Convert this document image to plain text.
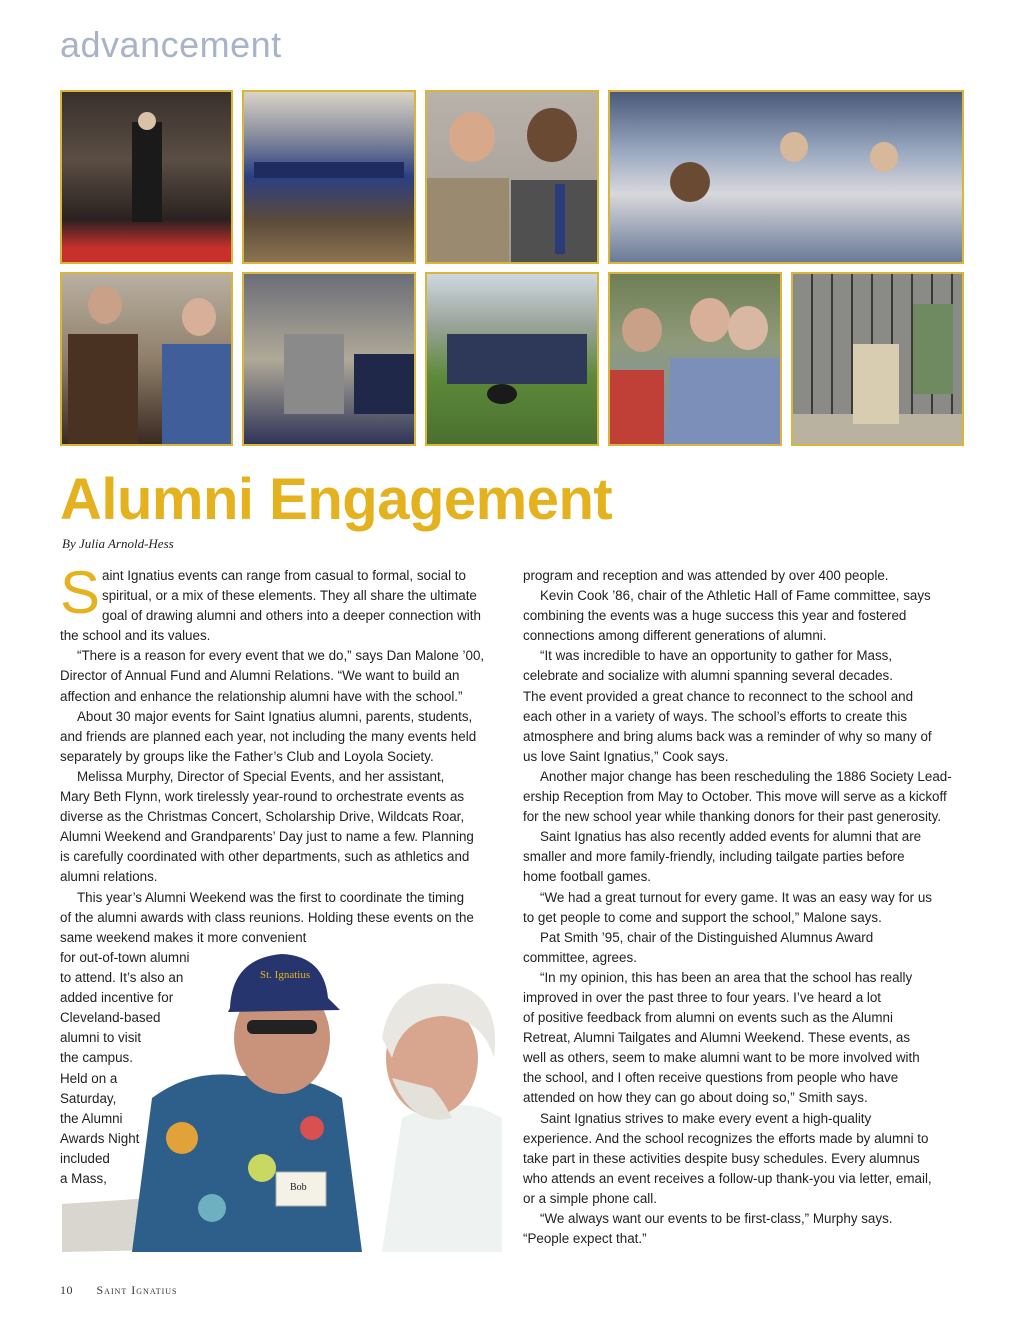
advancement
Alumni Engagement
By Julia Arnold-Hess
S aint Ignatius events can range from casual to formal, social to
spiritual, or a mix of these elements. They all share the ultimate
goal of drawing alumni and others into a deeper connection with
the school and its values.
“There is a reason for every event that we do,” says Dan Malone ’00,
Director of Annual Fund and Alumni Relations. “We want to build an
affection and enhance the relationship alumni have with the school.”
About 30 major events for Saint Ignatius alumni, parents, students,
and friends are planned each year, not including the many events held
separately by groups like the Father’s Club and Loyola Society.
Melissa Murphy, Director of Special Events, and her assistant,
Mary Beth Flynn, work tirelessly year-round to orchestrate events as
diverse as the Christmas Concert, Scholarship Drive, Wildcats Roar,
Alumni Weekend and Grandparents’ Day just to name a few. Planning
is carefully coordinated with other departments, such as athletics and
alumni relations.
This year’s Alumni Weekend was the first to coordinate the timing
of the alumni awards with class reunions. Holding these events on the
same weekend makes it more convenient
St. Ignatius
Bob
for out-of-town alumni
to attend. It’s also an
added incentive for
Cleveland-based
alumni to visit
the campus.
Held on a
Saturday,
the Alumni
Awards Night
included
a Mass,
program and reception and was attended by over 400 people.
Kevin Cook ’86, chair of the Athletic Hall of Fame committee, says
combining the events was a huge success this year and fostered
connections among different generations of alumni.
“It was incredible to have an opportunity to gather for Mass,
celebrate and socialize with alumni spanning several decades.
The event provided a great chance to reconnect to the school and
each other in a variety of ways. The school’s efforts to create this
atmosphere and bring alums back was a reminder of why so many of
us love Saint Ignatius,” Cook says.
Another major change has been rescheduling the 1886 Society Lead-
ership Reception from May to October. This move will serve as a kickoff
for the new school year while thanking donors for their past generosity.
Saint Ignatius has also recently added events for alumni that are
smaller and more family-friendly, including tailgate parties before
home football games.
“We had a great turnout for every game. It was an easy way for us
to get people to come and support the school,” Malone says.
Pat Smith ’95, chair of the Distinguished Alumnus Award
committee, agrees.
“In my opinion, this has been an area that the school has really
improved in over the past three to four years. I’ve heard a lot
of positive feedback from alumni on events such as the Alumni
Retreat, Alumni Tailgates and Alumni Weekend. These events, as
well as others, seem to make alumni want to be more involved with
the school, and I often receive questions from people who have
attended on how they can go about doing so,” Smith says.
Saint Ignatius strives to make every event a high-quality
experience. And the school recognizes the efforts made by alumni to
take part in these activities despite busy schedules. Every alumnus
who attends an event receives a follow-up thank-you via letter, email,
or a simple phone call.
“We always want our events to be first-class,” Murphy says.
“People expect that.”
10 Saint Ignatius
